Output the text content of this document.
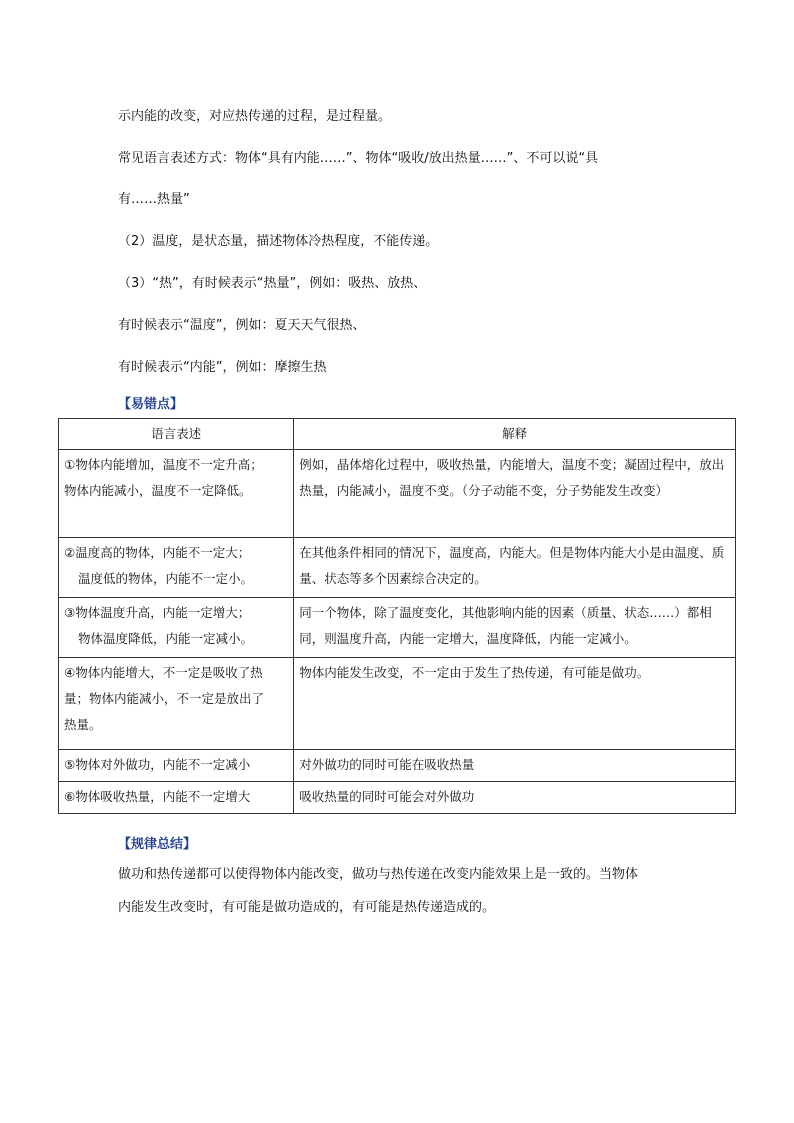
示内能的改变，对应热传递的过程，是过程量。
常见语言表述方式：物体“具有内能……”、物体“吸收/放出热量……”、不可以说“具
有……热量”
（2）温度，是状态量，描述物体冷热程度，不能传递。
（3）“热”，有时候表示“热量”，例如：吸热、放热、
有时候表示“温度”，例如：夏天天气很热、
有时候表示“内能”，例如：摩擦生热
【易错点】
语言表述	解释

①物体内能增加，温度不一定升高；
物体内能减小，温度不一定降低。	例如，晶体熔化过程中，吸收热量，内能增大，温度不变；凝固过程中，放出热量，内能减小，温度不变。（分子动能不变，分子势能发生改变）

②温度高的物体，内能不一定大；
温度低的物体，内能不一定小。	在其他条件相同的情况下，温度高，内能大。但是物体内能大小是由温度、质量、状态等多个因素综合决定的。

③物体温度升高，内能一定增大；
物体温度降低，内能一定减小。	同一个物体，除了温度变化，其他影响内能的因素（质量、状态……）都相同，则温度升高，内能一定增大，温度降低，内能一定减小。

④物体内能增大，不一定是吸收了热
量；物体内能减小，不一定是放出了
热量。	物体内能发生改变，不一定由于发生了热传递，有可能是做功。

⑤物体对外做功，内能不一定减小	对外做功的同时可能在吸收热量

⑥物体吸收热量，内能不一定增大	吸收热量的同时可能会对外做功
【规律总结】
做功和热传递都可以使得物体内能改变，做功与热传递在改变内能效果上是一致的。当物体
内能发生改变时，有可能是做功造成的，有可能是热传递造成的。
